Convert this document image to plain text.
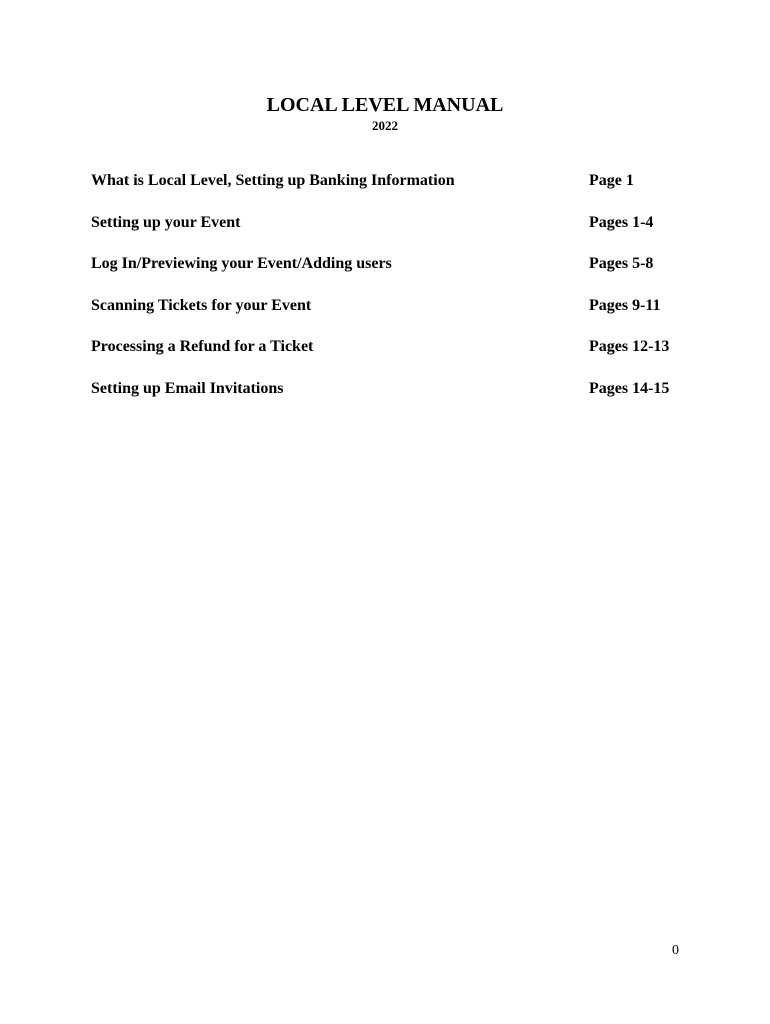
LOCAL LEVEL MANUAL
2022
What is Local Level, Setting up Banking Information	Page 1
Setting up your Event	Pages 1-4
Log In/Previewing your Event/Adding users	Pages 5-8
Scanning Tickets for your Event	Pages 9-11
Processing a Refund for a Ticket	Pages 12-13
Setting up Email Invitations	Pages 14-15
0
